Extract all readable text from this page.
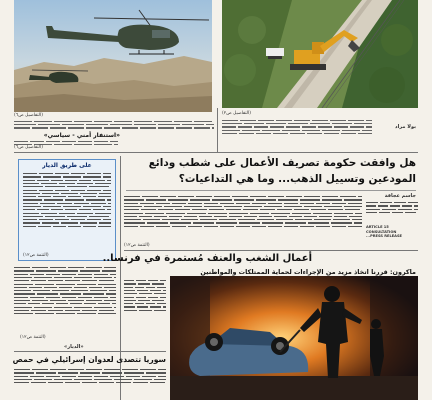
(التفاصيل ص٦)	(التفاصيل ص٢)
بولا مراد
«استنفار أمني - سياسي»
(التفاصيل ص٦)
على طريق الديار
(التتمة ص١٢)
«الديار»
(التتمة ص١٢)
هل وافقت حكومة تصريف الأعمال على شطب ودائع
المودعين وتسييل الذهب... وما هي التداعيات؟
(التتمة ص١٢)
جاسم عجاقة
ARTICLE 15 CONSULTATION
...PRESS RELEASE
أعمال الشغب والعنف مُستمرة في فرنسا..
ماكرون: قررنا اتخاذ مزيد من الإجراءات لحماية الممتلكات والمواطنين
سوريا تتصدى لعدوان إسرائيلي في حمص
